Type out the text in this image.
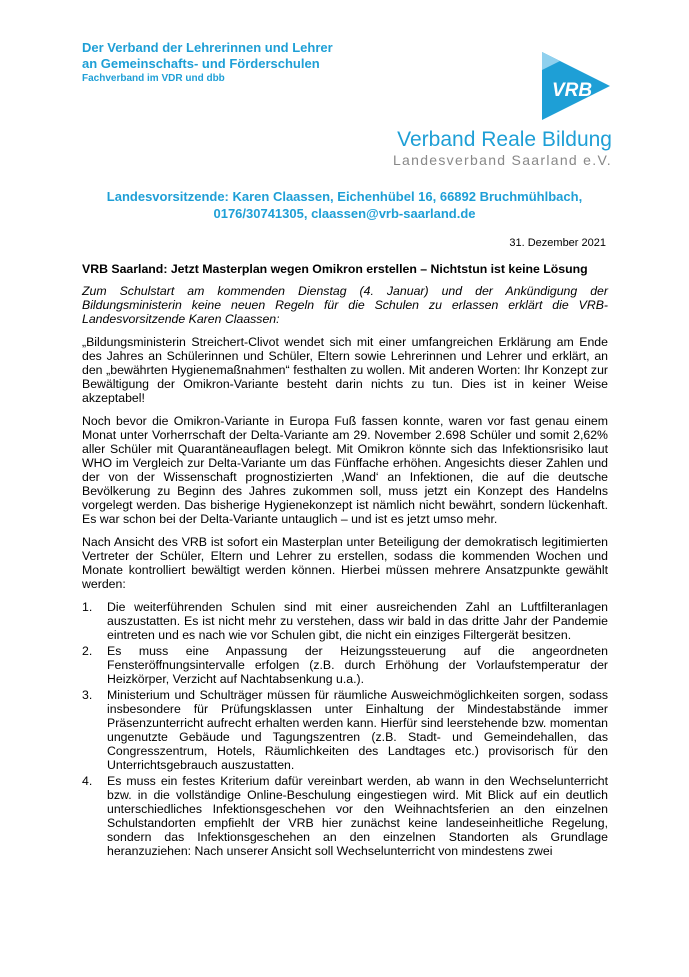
Der Verband der Lehrerinnen und Lehrer
an Gemeinschafts- und Förderschulen
Fachverband im VDR und dbb
VRB
Verband Reale Bildung
Landesverband Saarland e.V.
Landesvorsitzende: Karen Claassen, Eichenhübel 16, 66892 Bruchmühlbach,
0176/30741305, claassen@vrb-saarland.de
31. Dezember 2021
VRB Saarland: Jetzt Masterplan wegen Omikron erstellen – Nichtstun ist keine Lösung
Zum Schulstart am kommenden Dienstag (4. Januar) und der Ankündigung der Bildungsministerin keine neuen Regeln für die Schulen zu erlassen erklärt die VRB-Landesvorsitzende Karen Claassen:
„Bildungsministerin Streichert-Clivot wendet sich mit einer umfangreichen Erklärung am Ende des Jahres an Schülerinnen und Schüler, Eltern sowie Lehrerinnen und Lehrer und erklärt, an den „bewährten Hygienemaßnahmen“ festhalten zu wollen. Mit anderen Worten: Ihr Konzept zur Bewältigung der Omikron-Variante besteht darin nichts zu tun. Dies ist in keiner Weise akzeptabel!
Noch bevor die Omikron-Variante in Europa Fuß fassen konnte, waren vor fast genau einem Monat unter Vorherrschaft der Delta-Variante am 29. November 2.698 Schüler und somit 2,62% aller Schüler mit Quarantäneauflagen belegt. Mit Omikron könnte sich das Infektionsrisiko laut WHO im Vergleich zur Delta-Variante um das Fünffache erhöhen. Angesichts dieser Zahlen und der von der Wissenschaft prognostizierten ‚Wand‘ an Infektionen, die auf die deutsche Bevölkerung zu Beginn des Jahres zukommen soll, muss jetzt ein Konzept des Handelns vorgelegt werden. Das bisherige Hygienekonzept ist nämlich nicht bewährt, sondern lückenhaft. Es war schon bei der Delta-Variante untauglich – und ist es jetzt umso mehr.
Nach Ansicht des VRB ist sofort ein Masterplan unter Beteiligung der demokratisch legitimierten Vertreter der Schüler, Eltern und Lehrer zu erstellen, sodass die kommenden Wochen und Monate kontrolliert bewältigt werden können. Hierbei müssen mehrere Ansatzpunkte gewählt werden:
1. Die weiterführenden Schulen sind mit einer ausreichenden Zahl an Luftfilteranlagen auszustatten. Es ist nicht mehr zu verstehen, dass wir bald in das dritte Jahr der Pandemie eintreten und es nach wie vor Schulen gibt, die nicht ein einziges Filtergerät besitzen.
2. Es muss eine Anpassung der Heizungssteuerung auf die angeordneten Fensteröffnungsintervalle erfolgen (z.B. durch Erhöhung der Vorlaufstemperatur der Heizkörper, Verzicht auf Nachtabsenkung u.a.).
3. Ministerium und Schulträger müssen für räumliche Ausweichmöglichkeiten sorgen, sodass insbesondere für Prüfungsklassen unter Einhaltung der Mindestabstände immer Präsenzunterricht aufrecht erhalten werden kann. Hierfür sind leerstehende bzw. momentan ungenutzte Gebäude und Tagungszentren (z.B. Stadt- und Gemeindehallen, das Congresszentrum, Hotels, Räumlichkeiten des Landtages etc.) provisorisch für den Unterrichtsgebrauch auszustatten.
4. Es muss ein festes Kriterium dafür vereinbart werden, ab wann in den Wechselunterricht bzw. in die vollständige Online-Beschulung eingestiegen wird. Mit Blick auf ein deutlich unterschiedliches Infektionsgeschehen vor den Weihnachtsferien an den einzelnen Schulstandorten empfiehlt der VRB hier zunächst keine landeseinheitliche Regelung, sondern das Infektionsgeschehen an den einzelnen Standorten als Grundlage heranzuziehen: Nach unserer Ansicht soll Wechselunterricht von mindestens zwei
